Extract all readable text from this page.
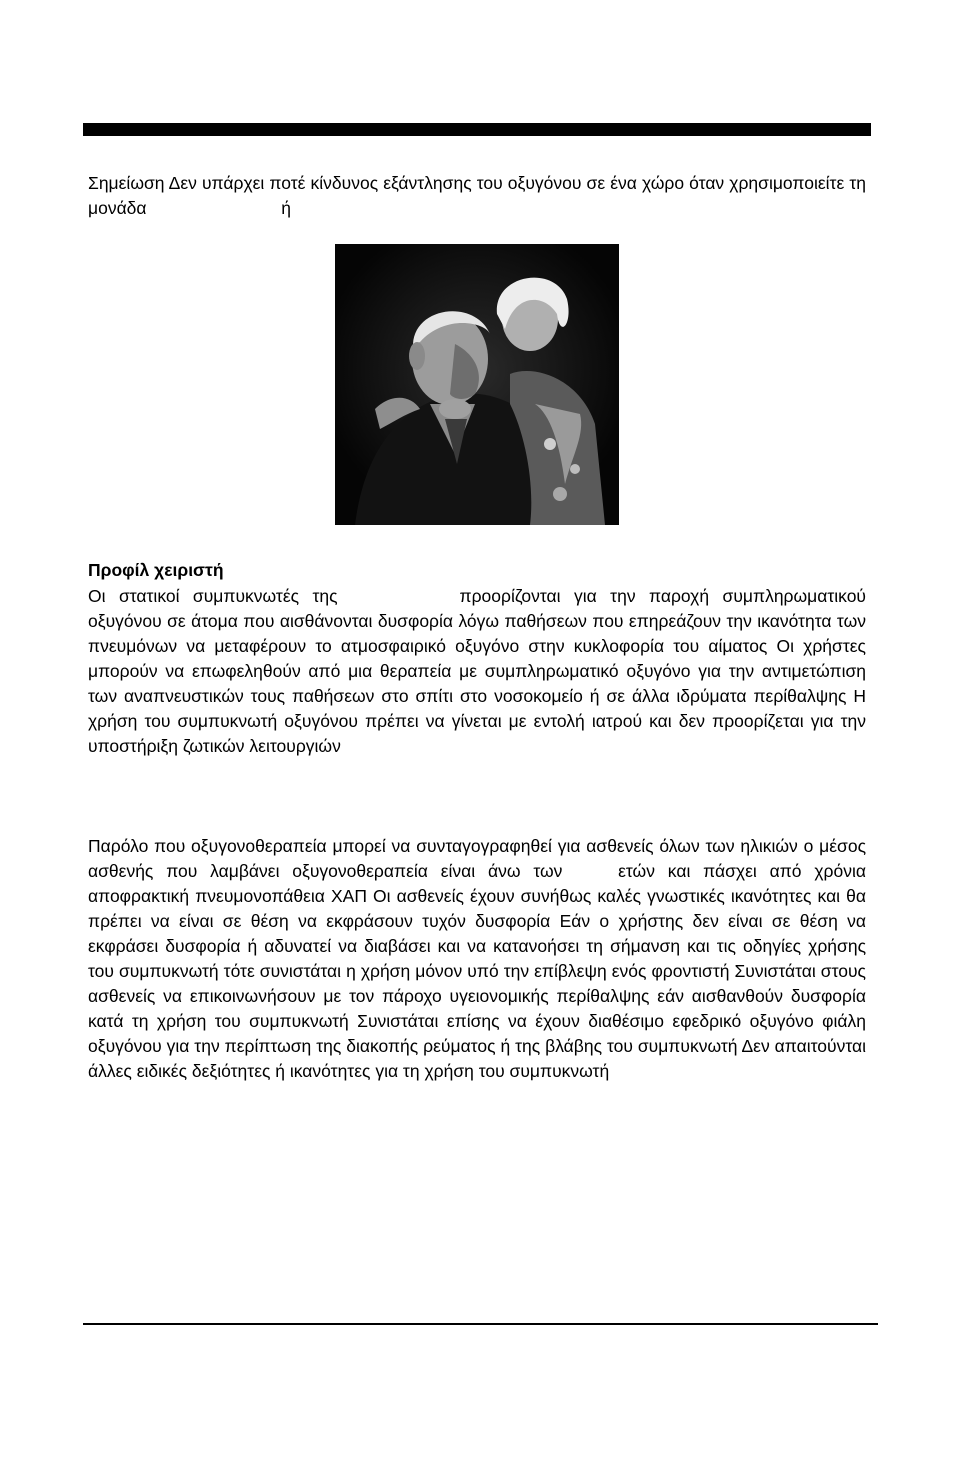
Σημείωση Δεν υπάρχει ποτέ κίνδυνος εξάντλησης του οξυγόνου σε ένα χώρο όταν χρησιμοποιείτε τη μονάδα	ή
Προφίλ χειριστή
Οι στατικοί συμπυκνωτές της	προορίζονται για την παροχή συμπληρωματικού οξυγόνου σε άτομα που αισθάνονται δυσφορία λόγω παθήσεων που επηρεάζουν την ικανότητα των πνευμόνων να μεταφέρουν το ατμοσφαιρικό οξυγόνο στην κυκλοφορία του αίματος Οι χρήστες μπορούν να επωφεληθούν από μια θεραπεία με συμπληρωματικό οξυγόνο για την αντιμετώπιση των αναπνευστικών τους παθήσεων στο σπίτι στο νοσοκομείο ή σε άλλα ιδρύματα περίθαλψης Η χρήση του συμπυκνωτή οξυγόνου πρέπει να γίνεται με εντολή ιατρού και δεν προορίζεται για την υποστήριξη ζωτικών λειτουργιών
Παρόλο που οξυγονοθεραπεία μπορεί να συνταγογραφηθεί για ασθενείς όλων των ηλικιών ο μέσος ασθενής που λαμβάνει οξυγονοθεραπεία είναι άνω των	ετών και πάσχει από χρόνια αποφρακτική πνευμονοπάθεια ΧΑΠ Οι ασθενείς έχουν συνήθως καλές γνωστικές ικανότητες και θα πρέπει να είναι σε θέση να εκφράσουν τυχόν δυσφορία Εάν ο χρήστης δεν είναι σε θέση να εκφράσει δυσφορία ή αδυνατεί να διαβάσει και να κατανοήσει τη σήμανση και τις οδηγίες χρήσης του συμπυκνωτή τότε συνιστάται η χρήση μόνον υπό την επίβλεψη ενός φροντιστή Συνιστάται στους ασθενείς να επικοινωνήσουν με τον πάροχο υγειονομικής περίθαλψης εάν αισθανθούν δυσφορία κατά τη χρήση του συμπυκνωτή Συνιστάται επίσης να έχουν διαθέσιμο εφεδρικό οξυγόνο φιάλη οξυγόνου για την περίπτωση της διακοπής ρεύματος ή της βλάβης του συμπυκνωτή Δεν απαιτούνται άλλες ειδικές δεξιότητες ή ικανότητες για τη χρήση του συμπυκνωτή
